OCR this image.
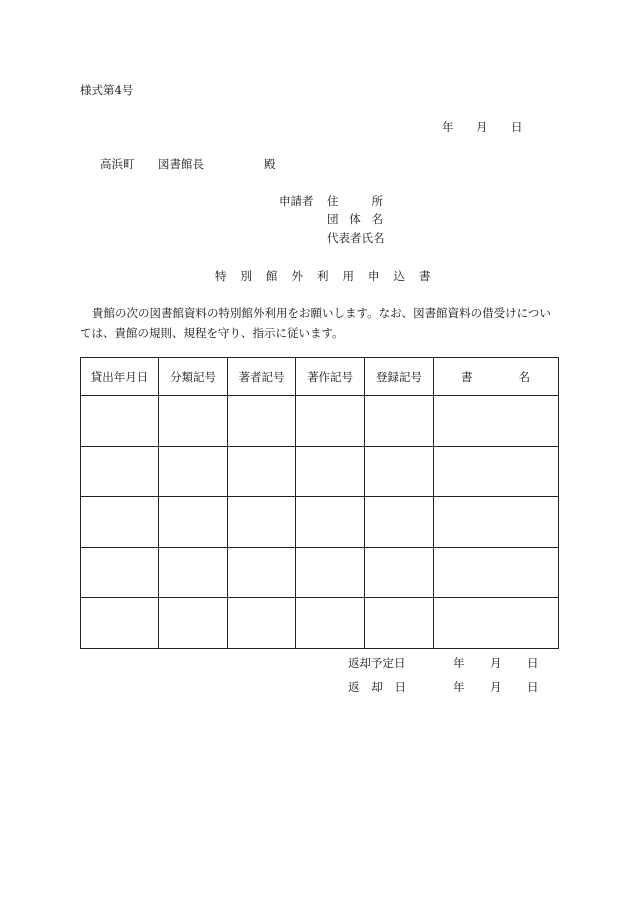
様式第4号
年 月 日
高浜町 図書館長	殿
申請者 住	所
団 体 名
代表者氏名
特 別 館 外 利 用 申 込 書
貴館の次の図書館資料の特別館外利用をお願いします。なお、図書館資料の借受けについては、貴館の規則、規程を守り、指示に従います。
貸出年月日	分類記号	著者記号	著作記号	登録記号	書 名

返却予定日	年 月 日
返 却 日	年 月 日
